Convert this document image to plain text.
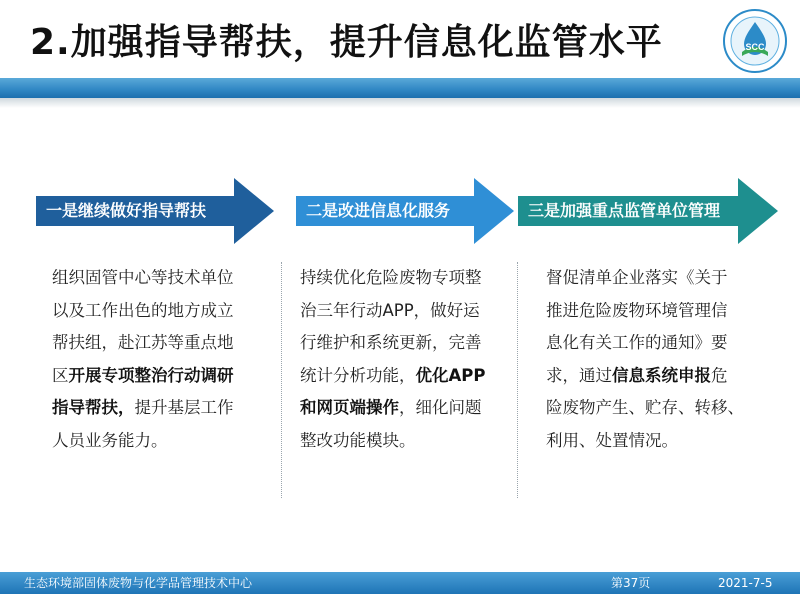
2.加强指导帮扶，提升信息化监管水平	SCC
一是继续做好指导帮扶	二是改进信息化服务	三是加强重点监管单位管理
组织固管中心等技术单位
以及工作出色的地方成立
帮扶组，赴江苏等重点地
区开展专项整治行动调研
指导帮扶，提升基层工作
人员业务能力。
持续优化危险废物专项整
治三年行动APP，做好运
行维护和系统更新，完善
统计分析功能，优化APP
和网页端操作，细化问题
整改功能模块。
督促清单企业落实《关于
推进危险废物环境管理信
息化有关工作的通知》要
求，通过信息系统申报危
险废物产生、贮存、转移、
利用、处置情况。
生态环境部固体废物与化学品管理技术中心	第37页	2021-7-5
